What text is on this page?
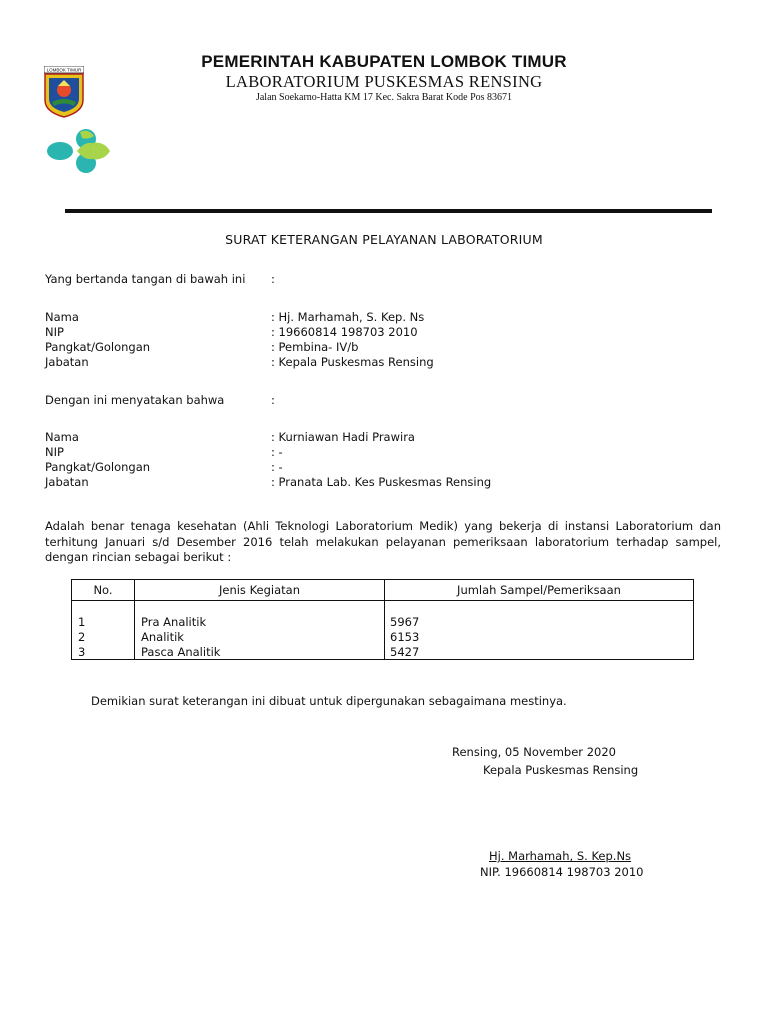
LOMBOK TIMUR	PEMERINTAH KABUPATEN LOMBOK TIMUR
LABORATORIUM PUSKESMAS RENSING
Jalan Soekarno-Hatta KM 17 Kec. Sakra Barat Kode Pos 83671
SURAT KETERANGAN PELAYANAN LABORATORIUM
Yang bertanda tangan di bawah ini :
Nama	: Hj. Marhamah, S. Kep. Ns
NIP	: 19660814 198703 2010
Pangkat/Golongan	: Pembina- IV/b
Jabatan	: Kepala Puskesmas Rensing
Dengan ini menyatakan bahwa	:
Nama	: Kurniawan Hadi Prawira
NIP	: -
Pangkat/Golongan	: -
Jabatan	: Pranata Lab. Kes Puskesmas Rensing
Adalah benar tenaga kesehatan (Ahli Teknologi Laboratorium Medik) yang bekerja di instansi Laboratorium dan terhitung Januari s/d Desember 2016 telah melakukan pelayanan pemeriksaan laboratorium terhadap sampel, dengan rincian sebagai berikut :
No.	Jenis Kegiatan	Jumlah Sampel/Pemeriksaan
1	Pra Analitik	5967
2	Analitik	6153
3	Pasca Analitik	5427
Demikian surat keterangan ini dibuat untuk dipergunakan sebagaimana mestinya.
Rensing, 05 November 2020
Kepala Puskesmas Rensing
Hj. Marhamah, S. Kep.Ns
NIP. 19660814 198703 2010
